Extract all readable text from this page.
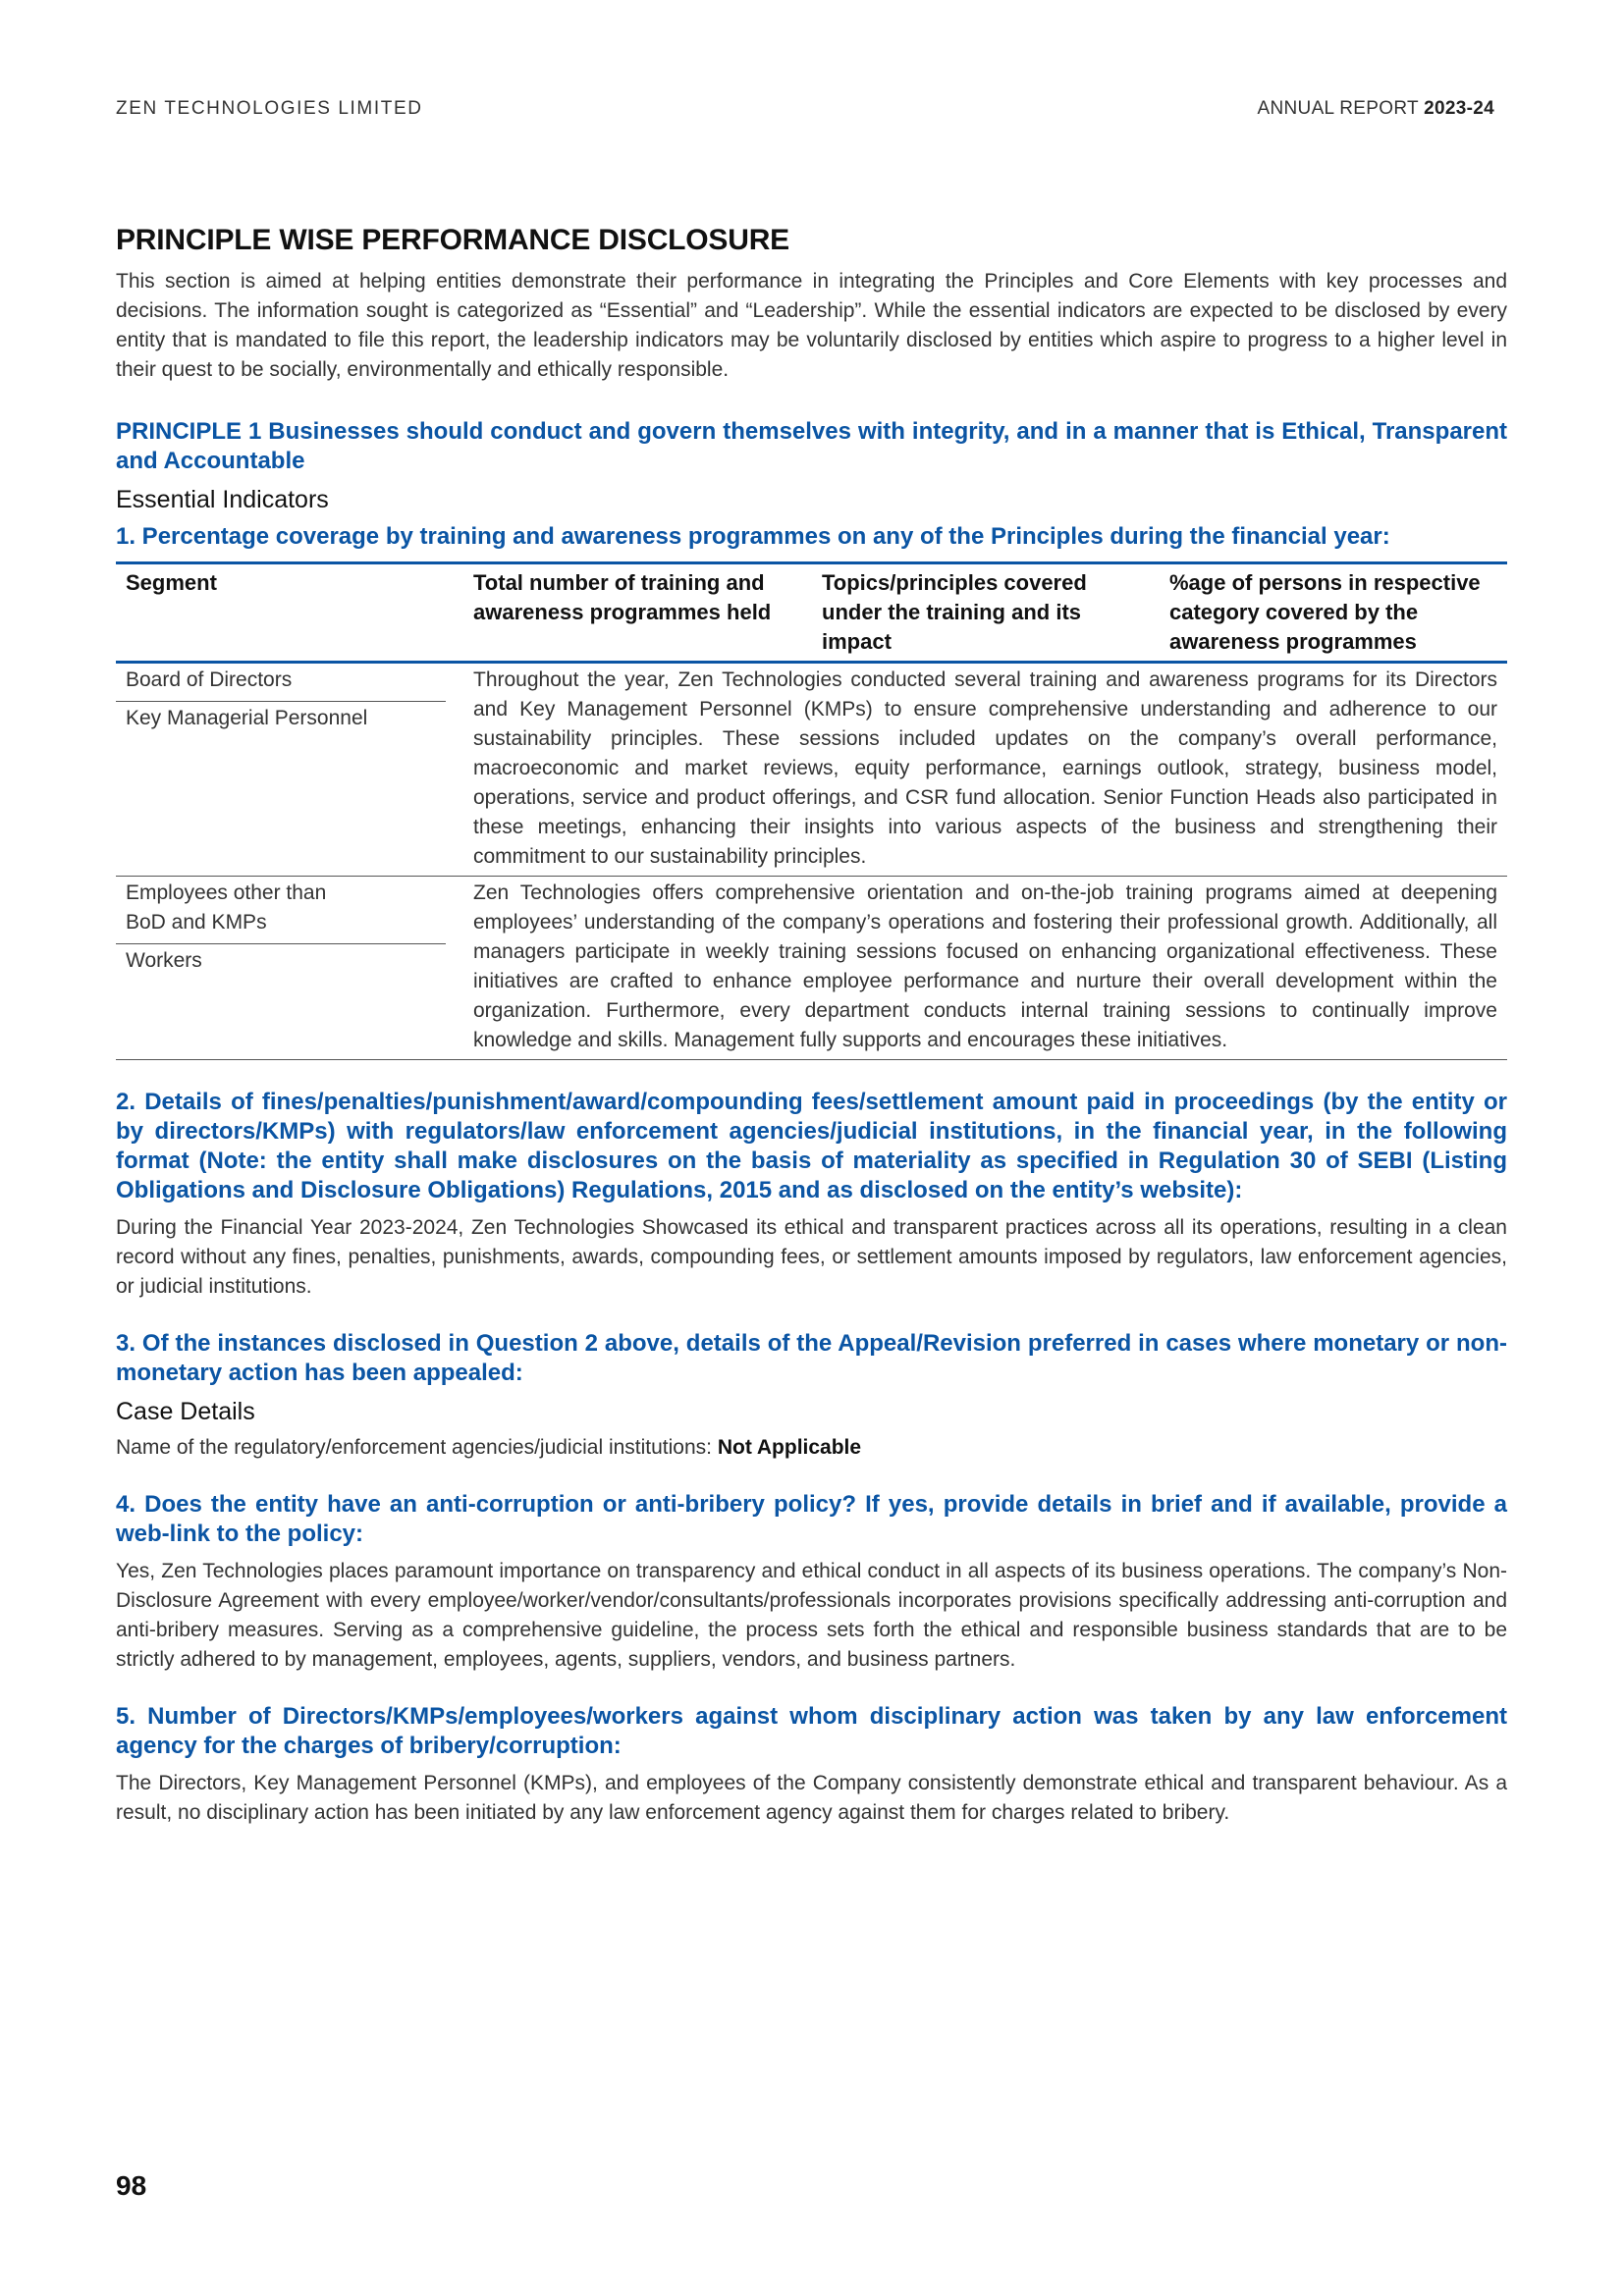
ZEN TECHNOLOGIES LIMITED	ANNUAL REPORT 2023-24
PRINCIPLE WISE PERFORMANCE DISCLOSURE

This section is aimed at helping entities demonstrate their performance in integrating the Principles and Core Elements with key processes and decisions. The information sought is categorized as “Essential” and “Leadership”. While the essential indicators are expected to be disclosed by every entity that is mandated to file this report, the leadership indicators may be voluntarily disclosed by entities which aspire to progress to a higher level in their quest to be socially, environmentally and ethically responsible.

PRINCIPLE 1 Businesses should conduct and govern themselves with integrity, and in a manner that is Ethical, Transparent and Accountable
Essential Indicators
1. Percentage coverage by training and awareness programmes on any of the Principles during the financial year:
Segment	Total number of training and awareness programmes held	Topics/principles covered under the training and its impact	%age of persons in respective category covered by the awareness programmes

Board of Directors
Key Managerial Personnel	Throughout the year, Zen Technologies conducted several training and awareness programs for its Directors and Key Management Personnel (KMPs) to ensure comprehensive understanding and adherence to our sustainability principles. These sessions included updates on the company’s overall performance, macroeconomic and market reviews, equity performance, earnings outlook, strategy, business model, operations, service and product offerings, and CSR fund allocation. Senior Function Heads also participated in these meetings, enhancing their insights into various aspects of the business and strengthening their commitment to our sustainability principles.		

Employees other than BoD and KMPs
Workers	Zen Technologies offers comprehensive orientation and on-the-job training programs aimed at deepening employees’ understanding of the company’s operations and fostering their professional growth. Additionally, all managers participate in weekly training sessions focused on enhancing organizational effectiveness. These initiatives are crafted to enhance employee performance and nurture their overall development within the organization. Furthermore, every department conducts internal training sessions to continually improve knowledge and skills. Management fully supports and encourages these initiatives.		
2. Details of fines/penalties/punishment/award/compounding fees/settlement amount paid in proceedings (by the entity or by directors/KMPs) with regulators/law enforcement agencies/judicial institutions, in the financial year, in the following format (Note: the entity shall make disclosures on the basis of materiality as specified in Regulation 30 of SEBI (Listing Obligations and Disclosure Obligations) Regulations, 2015 and as disclosed on the entity’s website):

During the Financial Year 2023-2024, Zen Technologies Showcased its ethical and transparent practices across all its operations, resulting in a clean record without any fines, penalties, punishments, awards, compounding fees, or settlement amounts imposed by regulators, law enforcement agencies, or judicial institutions.

3. Of the instances disclosed in Question 2 above, details of the Appeal/Revision preferred in cases where monetary or non-monetary action has been appealed:
Case Details
Name of the regulatory/enforcement agencies/judicial institutions: Not Applicable
4. Does the entity have an anti-corruption or anti-bribery policy? If yes, provide details in brief and if available, provide a web-link to the policy:

Yes, Zen Technologies places paramount importance on transparency and ethical conduct in all aspects of its business operations. The company’s Non-Disclosure Agreement with every employee/worker/vendor/consultants/professionals incorporates provisions specifically addressing anti-corruption and anti-bribery measures. Serving as a comprehensive guideline, the process sets forth the ethical and responsible business standards that are to be strictly adhered to by management, employees, agents, suppliers, vendors, and business partners.

5. Number of Directors/KMPs/employees/workers against whom disciplinary action was taken by any law enforcement agency for the charges of bribery/corruption:

The Directors, Key Management Personnel (KMPs), and employees of the Company consistently demonstrate ethical and transparent behaviour. As a result, no disciplinary action has been initiated by any law enforcement agency against them for charges related to bribery.

98
